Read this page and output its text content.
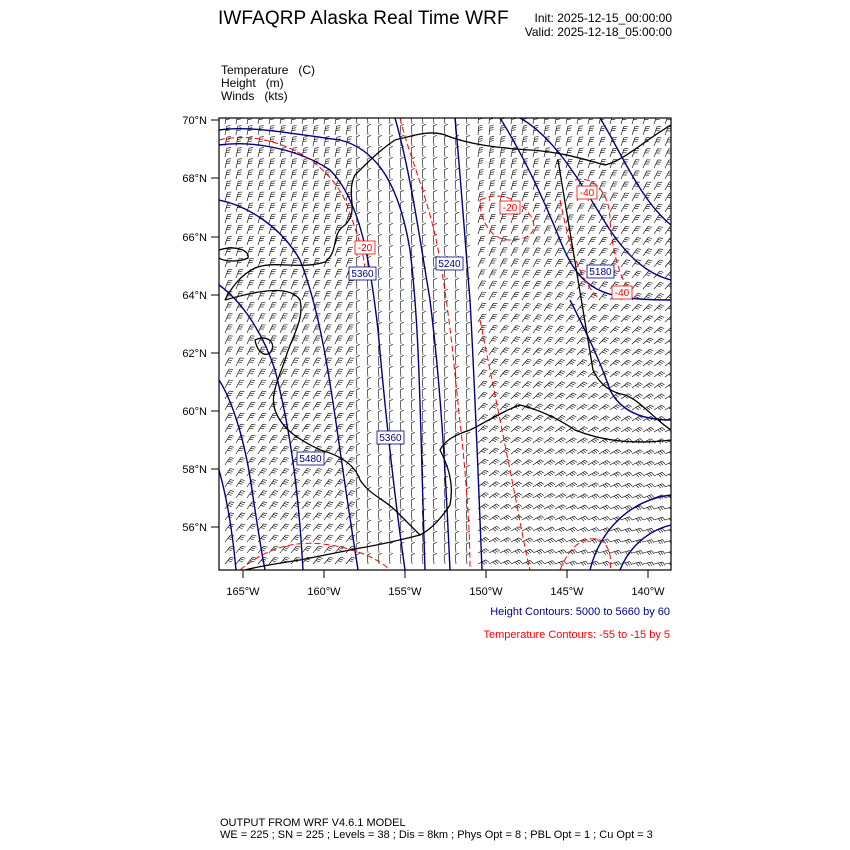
IWFAQRP Alaska Real Time WRF	Init: 2025-12-15_00:00:00
Valid: 2025-12-18_05:00:00
Temperature   (C)
Height   (m)
Winds   (kts)
70°N
68°N
66°N
64°N
62°N
60°N
58°N
56°N
165°W	160°W	155°W	150°W	145°W	140°W
5360
5240
5180
5360
5480
-20
-20
-40
-40
Height Contours: 5000 to 5660 by 60
Temperature Contours: -55 to -15 by 5
OUTPUT FROM WRF V4.6.1 MODEL
WE = 225 ; SN = 225 ; Levels = 38 ; Dis = 8km ; Phys Opt = 8 ; PBL Opt = 1 ; Cu Opt = 3
